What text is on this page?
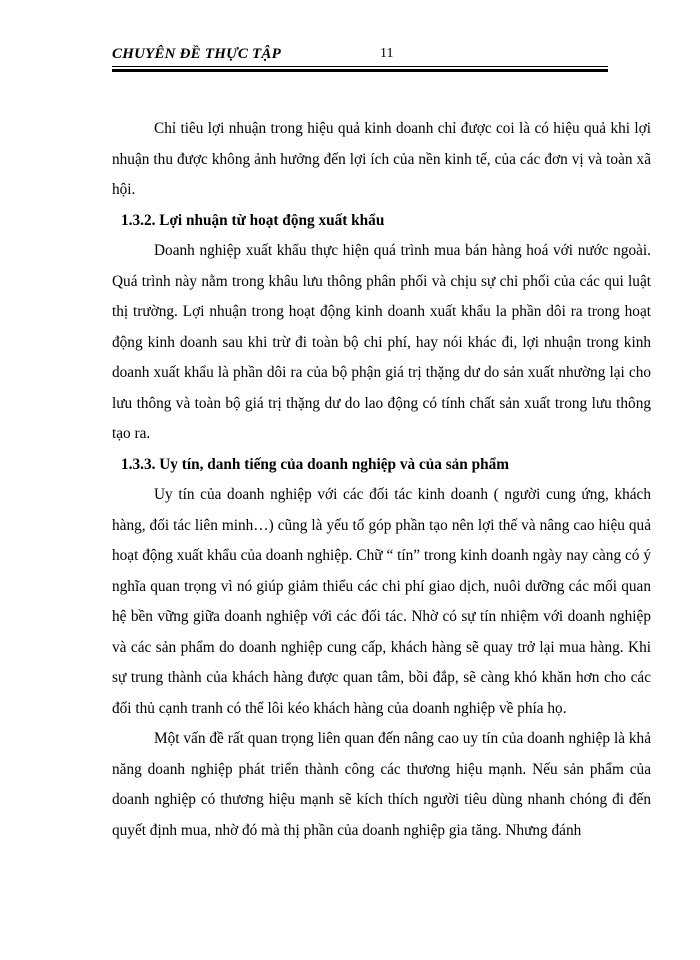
CHUYÊN ĐỀ THỰC TẬP	11

Chỉ tiêu lợi nhuận trong hiệu quả kinh doanh chỉ được coi là có hiệu quả khi lợi nhuận thu được không ảnh hưởng đến lợi ích của nền kinh tế, của các đơn vị và toàn xã hội.

1.3.2. Lợi nhuận từ hoạt động xuất khẩu

Doanh nghiệp xuất khẩu thực hiện quá trình mua bán hàng hoá với nước ngoài. Quá trình này nằm trong khâu lưu thông phân phối và chịu sự chi phối của các qui luật thị trường. Lợi nhuận trong hoạt động kinh doanh xuất khẩu la phần dôi ra trong hoạt động kinh doanh sau khi trừ đi toàn bộ chi phí, hay nói khác đi, lợi nhuận trong kinh doanh xuất khẩu là phần dôi ra của bộ phận giá trị thặng dư do sản xuất nhường lại cho lưu thông và toàn bộ giá trị thặng dư do lao động có tính chất sản xuất trong lưu thông tạo ra.

1.3.3. Uy tín, danh tiếng của doanh nghiệp và của sản phẩm

Uy tín của doanh nghiệp với các đối tác kinh doanh ( người cung ứng, khách hàng, đối tác liên minh…) cũng là yếu tố góp phần tạo nên lợi thế và nâng cao hiệu quả hoạt động xuất khẩu của doanh nghiệp. Chữ “ tín” trong kinh doanh ngày nay càng có ý nghĩa quan trọng vì nó giúp giảm thiểu các chi phí giao dịch, nuôi dưỡng các mối quan hệ bền vững giữa doanh nghiệp với các đối tác. Nhờ có sự tín nhiệm với doanh nghiệp và các sản phẩm do doanh nghiệp cung cấp, khách hàng sẽ quay trở lại mua hàng. Khi sự trung thành của khách hàng được quan tâm, bồi đắp, sẽ càng khó khăn hơn cho các đối thủ cạnh tranh có thể lôi kéo khách hàng của doanh nghiệp về phía họ.

Một vấn đề rất quan trọng liên quan đến nâng cao uy tín của doanh nghiệp là khả năng doanh nghiệp phát triển thành công các thương hiệu mạnh. Nếu sản phẩm của doanh nghiệp có thương hiệu mạnh sẽ kích thích người tiêu dùng nhanh chóng đi đến quyết định mua, nhờ đó mà thị phần của doanh nghiệp gia tăng. Nhưng đánh
